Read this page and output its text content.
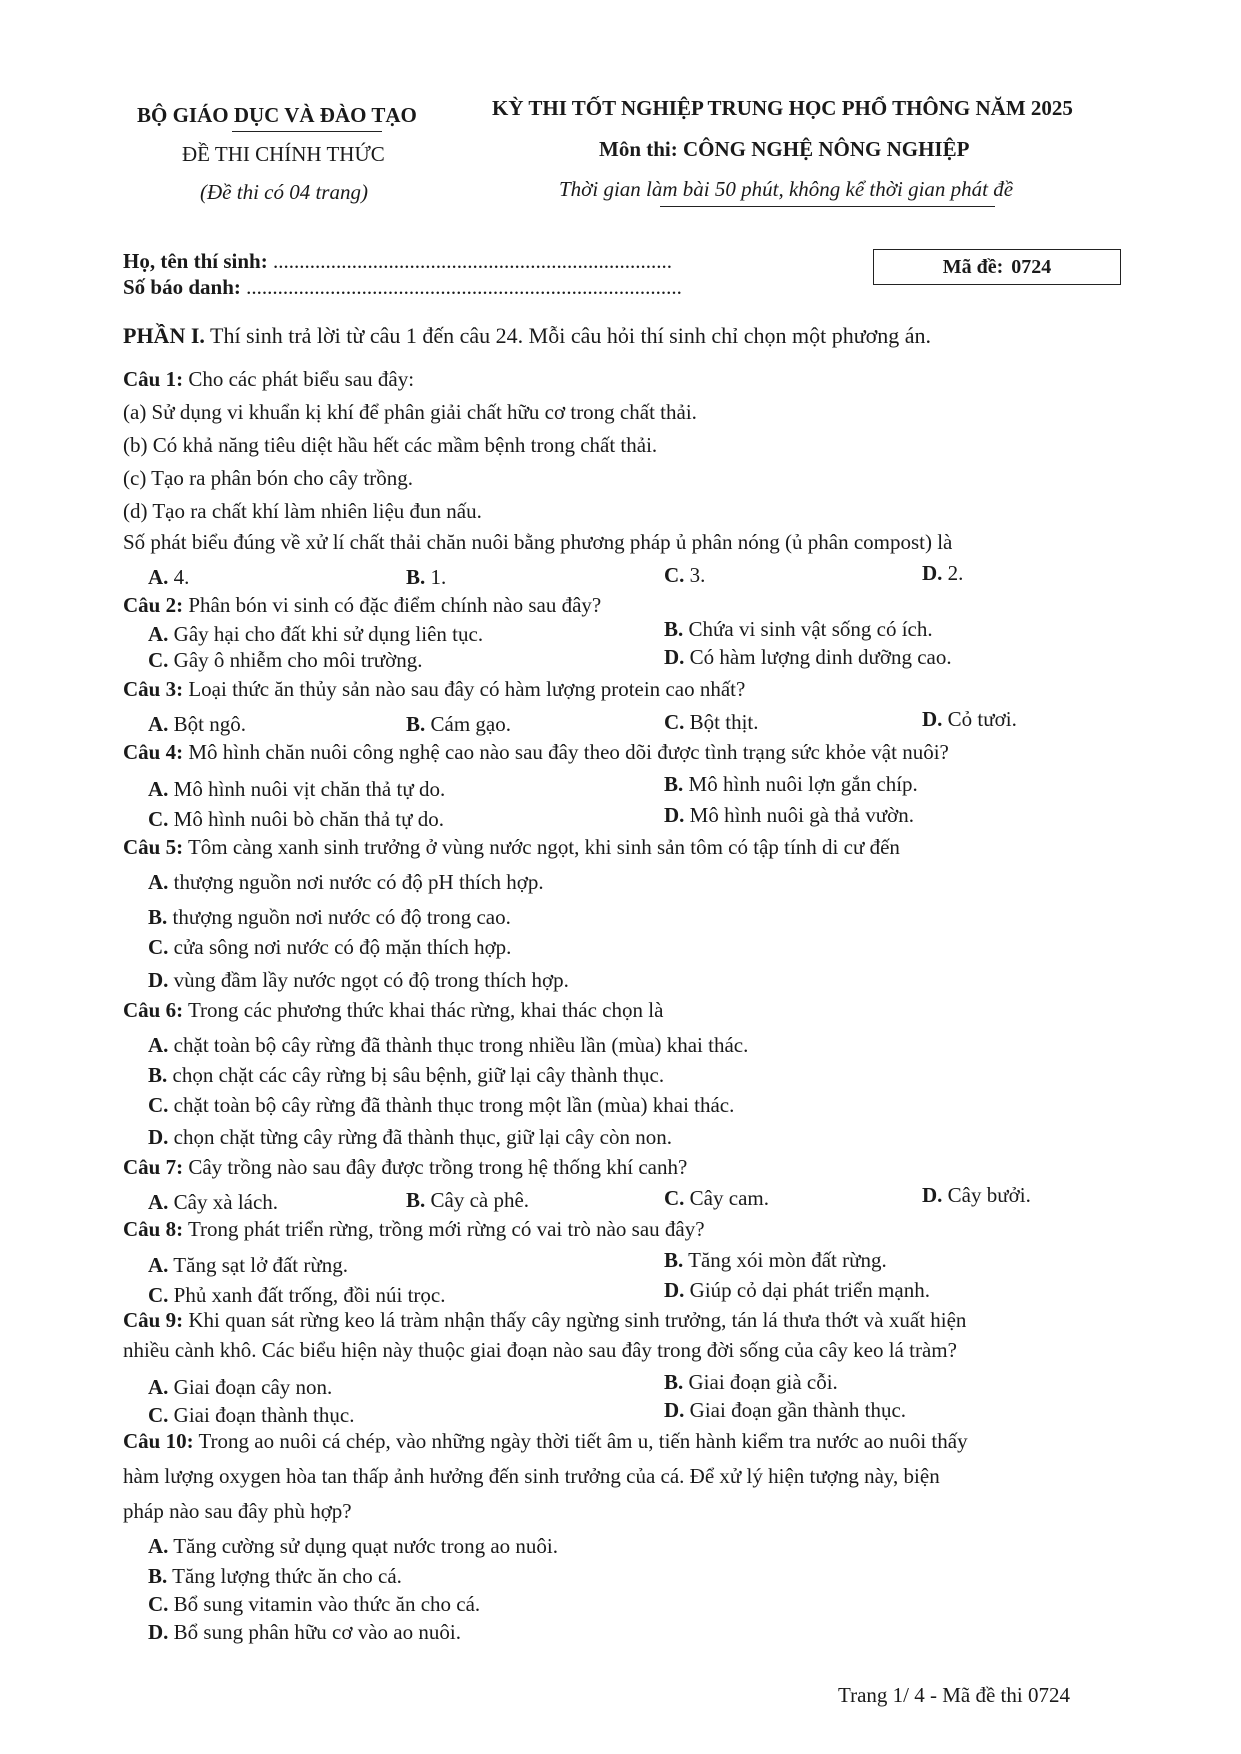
BỘ GIÁO DỤC VÀ ĐÀO TẠO
ĐỀ THI CHÍNH THỨC
(Đề thi có 04 trang)
KỲ THI TỐT NGHIỆP TRUNG HỌC PHỔ THÔNG NĂM 2025
Môn thi: CÔNG NGHỆ NÔNG NGHIỆP
Thời gian làm bài 50 phút, không kể thời gian phát đề
Họ, tên thí sinh: ............................................................................
Số báo danh: ...................................................................................
Mã đề: 0724
PHẦN I. Thí sinh trả lời từ câu 1 đến câu 24. Mỗi câu hỏi thí sinh chỉ chọn một phương án.
Câu 1: Cho các phát biểu sau đây:
(a) Sử dụng vi khuẩn kị khí để phân giải chất hữu cơ trong chất thải.
(b) Có khả năng tiêu diệt hầu hết các mầm bệnh trong chất thải.
(c) Tạo ra phân bón cho cây trồng.
(d) Tạo ra chất khí làm nhiên liệu đun nấu.
Số phát biểu đúng về xử lí chất thải chăn nuôi bằng phương pháp ủ phân nóng (ủ phân compost) là
A. 4.	B. 1.	C. 3.	D. 2.
Câu 2: Phân bón vi sinh có đặc điểm chính nào sau đây?
A. Gây hại cho đất khi sử dụng liên tục.	B. Chứa vi sinh vật sống có ích.
C. Gây ô nhiễm cho môi trường.	D. Có hàm lượng dinh dưỡng cao.
Câu 3: Loại thức ăn thủy sản nào sau đây có hàm lượng protein cao nhất?
A. Bột ngô.	B. Cám gạo.	C. Bột thịt.	D. Cỏ tươi.
Câu 4: Mô hình chăn nuôi công nghệ cao nào sau đây theo dõi được tình trạng sức khỏe vật nuôi?
A. Mô hình nuôi vịt chăn thả tự do.	B. Mô hình nuôi lợn gắn chíp.
C. Mô hình nuôi bò chăn thả tự do.	D. Mô hình nuôi gà thả vườn.
Câu 5: Tôm càng xanh sinh trưởng ở vùng nước ngọt, khi sinh sản tôm có tập tính di cư đến
A. thượng nguồn nơi nước có độ pH thích hợp.
B. thượng nguồn nơi nước có độ trong cao.
C. cửa sông nơi nước có độ mặn thích hợp.
D. vùng đầm lầy nước ngọt có độ trong thích hợp.
Câu 6: Trong các phương thức khai thác rừng, khai thác chọn là
A. chặt toàn bộ cây rừng đã thành thục trong nhiều lần (mùa) khai thác.
B. chọn chặt các cây rừng bị sâu bệnh, giữ lại cây thành thục.
C. chặt toàn bộ cây rừng đã thành thục trong một lần (mùa) khai thác.
D. chọn chặt từng cây rừng đã thành thục, giữ lại cây còn non.
Câu 7: Cây trồng nào sau đây được trồng trong hệ thống khí canh?
A. Cây xà lách.	B. Cây cà phê.	C. Cây cam.	D. Cây bưởi.
Câu 8: Trong phát triển rừng, trồng mới rừng có vai trò nào sau đây?
A. Tăng sạt lở đất rừng.	B. Tăng xói mòn đất rừng.
C. Phủ xanh đất trống, đồi núi trọc.	D. Giúp cỏ dại phát triển mạnh.
Câu 9: Khi quan sát rừng keo lá tràm nhận thấy cây ngừng sinh trưởng, tán lá thưa thớt và xuất hiện
nhiều cành khô. Các biểu hiện này thuộc giai đoạn nào sau đây trong đời sống của cây keo lá tràm?
A. Giai đoạn cây non.	B. Giai đoạn già cỗi.
C. Giai đoạn thành thục.	D. Giai đoạn gần thành thục.
Câu 10: Trong ao nuôi cá chép, vào những ngày thời tiết âm u, tiến hành kiểm tra nước ao nuôi thấy
hàm lượng oxygen hòa tan thấp ảnh hưởng đến sinh trưởng của cá. Để xử lý hiện tượng này, biện
pháp nào sau đây phù hợp?
A. Tăng cường sử dụng quạt nước trong ao nuôi.
B. Tăng lượng thức ăn cho cá.
C. Bổ sung vitamin vào thức ăn cho cá.
D. Bổ sung phân hữu cơ vào ao nuôi.
Trang 1/ 4 - Mã đề thi 0724
